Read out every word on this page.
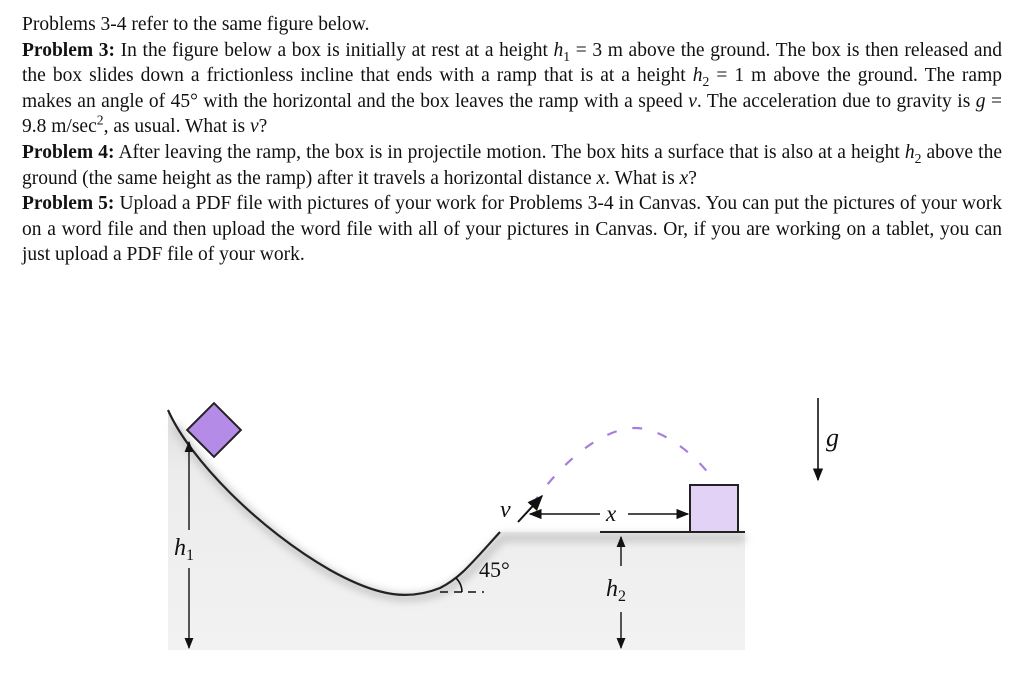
Problems 3-4 refer to the same figure below.

Problem 3: In the figure below a box is initially at rest at a height $h_1 = 3$ m above the ground. The box is then released and the box slides down a frictionless incline that ends with a ramp that is at a height $h_2 = 1$ m above the ground. The ramp makes an angle of 45° with the horizontal and the box leaves the ramp with a speed v. The acceleration due to gravity is g = 9.8 $m/\sec^2$, as usual. What is v?

Problem 4: After leaving the ramp, the box is in projectile motion. The box hits a surface that is also at a height $h_2$ above the ground (the same height as the ramp) after it travels a horizontal distance x. What is x?

Problem 5: Upload a PDF file with pictures of your work for Problems 3-4 in Canvas. You can put the pictures of your work on a word file and then upload the word file with all of your pictures in Canvas. Or, if you are working on a tablet, you can just upload a PDF file of your work.

v	x
45°
$h_1$
$h_2$
g
